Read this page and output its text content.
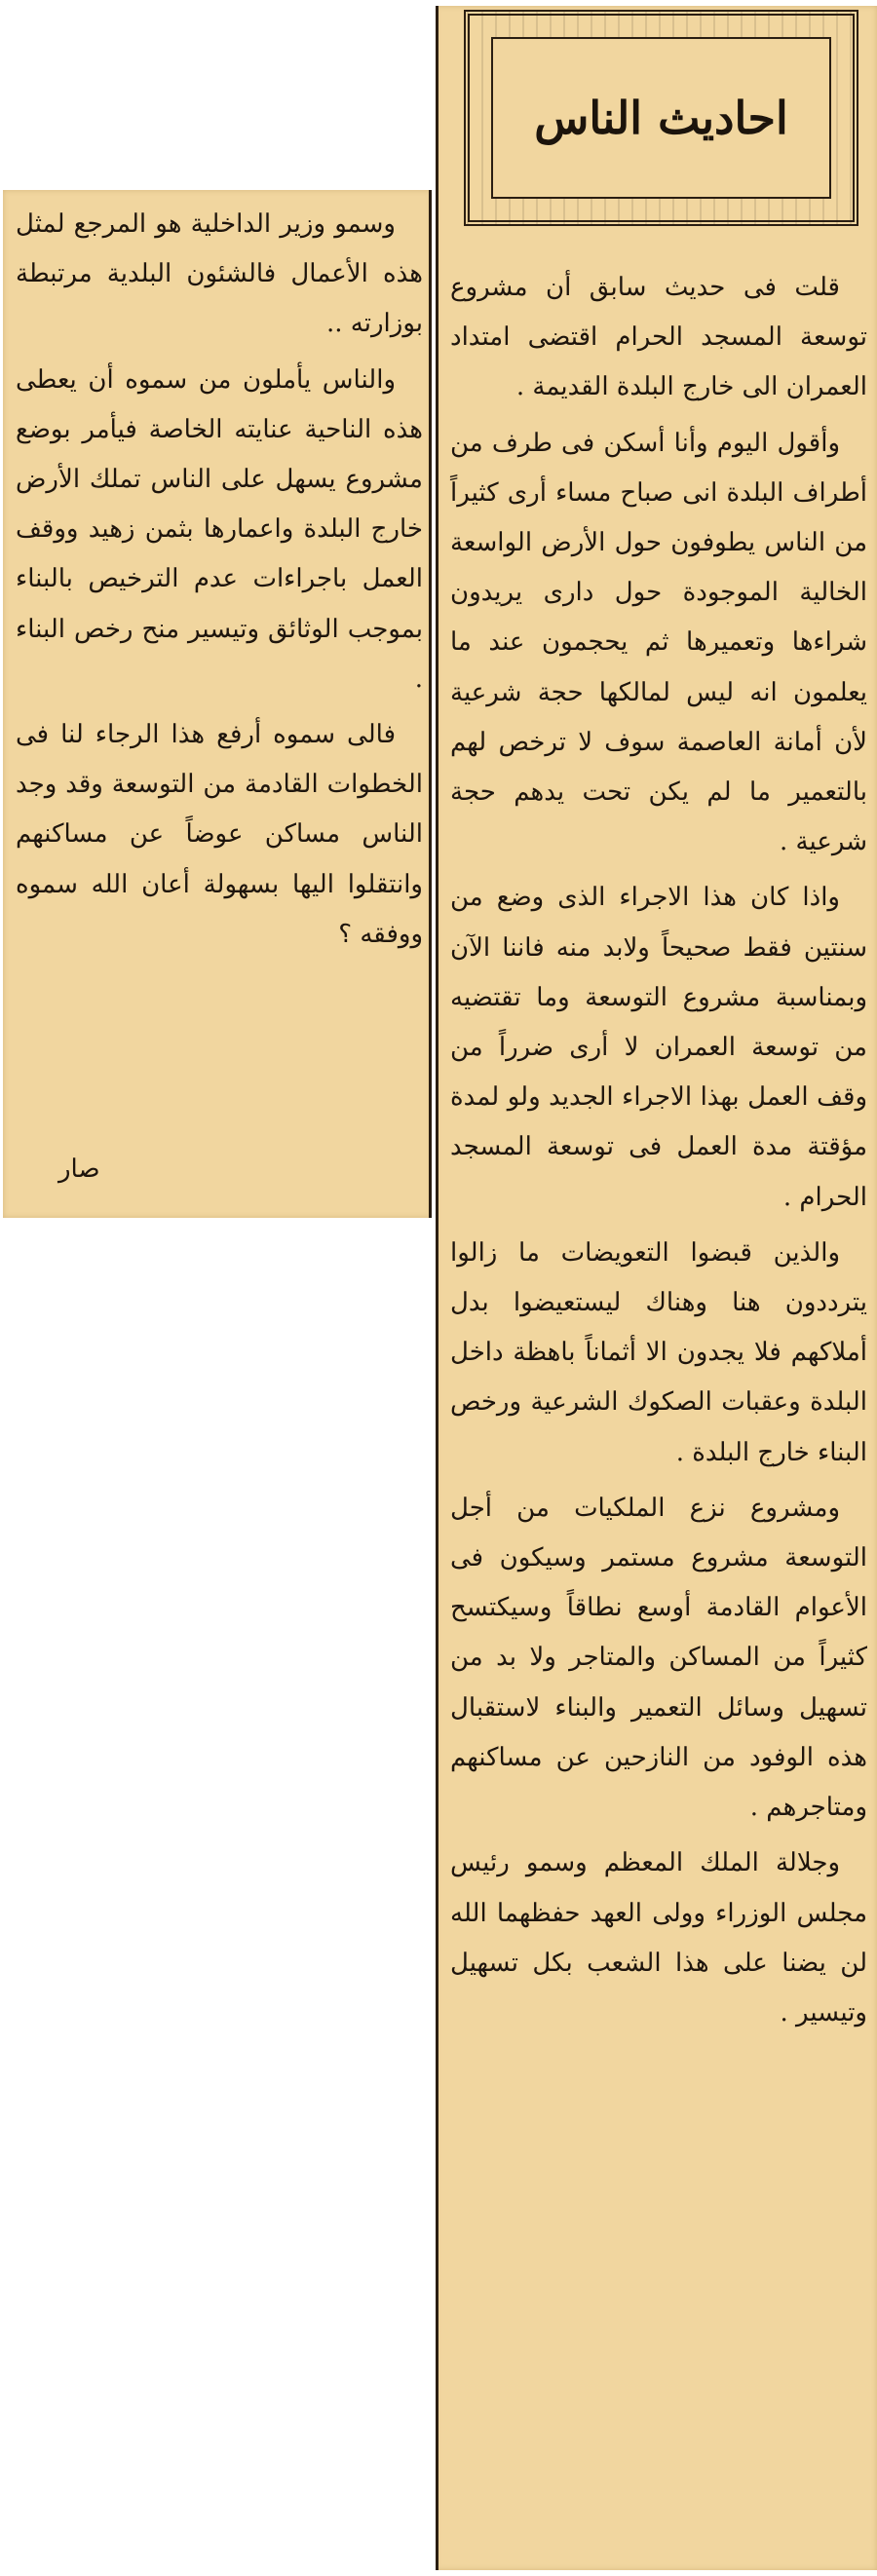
احاديث الناس

قلت فى حديث سابق أن مشروع توسعة المسجد الحرام اقتضى امتداد العمران الى خارج البلدة القديمة .

وأقول اليوم وأنا أسكن فى طرف من أطراف البلدة انى صباح مساء أرى كثيراً من الناس يطوفون حول الأرض الواسعة الخالية الموجودة حول دارى يريدون شراءها وتعميرها ثم يحجمون عند ما يعلمون انه ليس لمالكها حجة شرعية لأن أمانة العاصمة سوف لا ترخص لهم بالتعمير ما لم يكن تحت يدهم حجة شرعية .

واذا كان هذا الاجراء الذى وضع من سنتين فقط صحيحاً ولابد منه فاننا الآن وبمناسبة مشروع التوسعة وما تقتضيه من توسعة العمران لا أرى ضرراً من وقف العمل بهذا الاجراء الجديد ولو لمدة مؤقتة مدة العمل فى توسعة المسجد الحرام .

والذين قبضوا التعويضات ما زالوا يترددون هنا وهناك ليستعيضوا بدل أملاكهم فلا يجدون الا أثماناً باهظة داخل البلدة وعقبات الصكوك الشرعية ورخص البناء خارج البلدة .

ومشروع نزع الملكيات من أجل التوسعة مشروع مستمر وسيكون فى الأعوام القادمة أوسع نطاقاً وسيكتسح كثيراً من المساكن والمتاجر ولا بد من تسهيل وسائل التعمير والبناء لاستقبال هذه الوفود من النازحين عن مساكنهم ومتاجرهم .

وجلالة الملك المعظم وسمو رئيس مجلس الوزراء وولى العهد حفظهما الله لن يضنا على هذا الشعب بكل تسهيل وتيسير .

وسمو وزير الداخلية هو المرجع لمثل هذه الأعمال فالشئون البلدية مرتبطة بوزارته ..

والناس يأملون من سموه أن يعطى هذه الناحية عنايته الخاصة فيأمر بوضع مشروع يسهل على الناس تملك الأرض خارج البلدة واعمارها بثمن زهيد ووقف العمل باجراءات عدم الترخيص بالبناء بموجب الوثائق وتيسير منح رخص البناء .

فالى سموه أرفع هذا الرجاء لنا فى الخطوات القادمة من التوسعة وقد وجد الناس مساكن عوضاً عن مساكنهم وانتقلوا اليها بسهولة أعان الله سموه ووفقه ؟

صار
